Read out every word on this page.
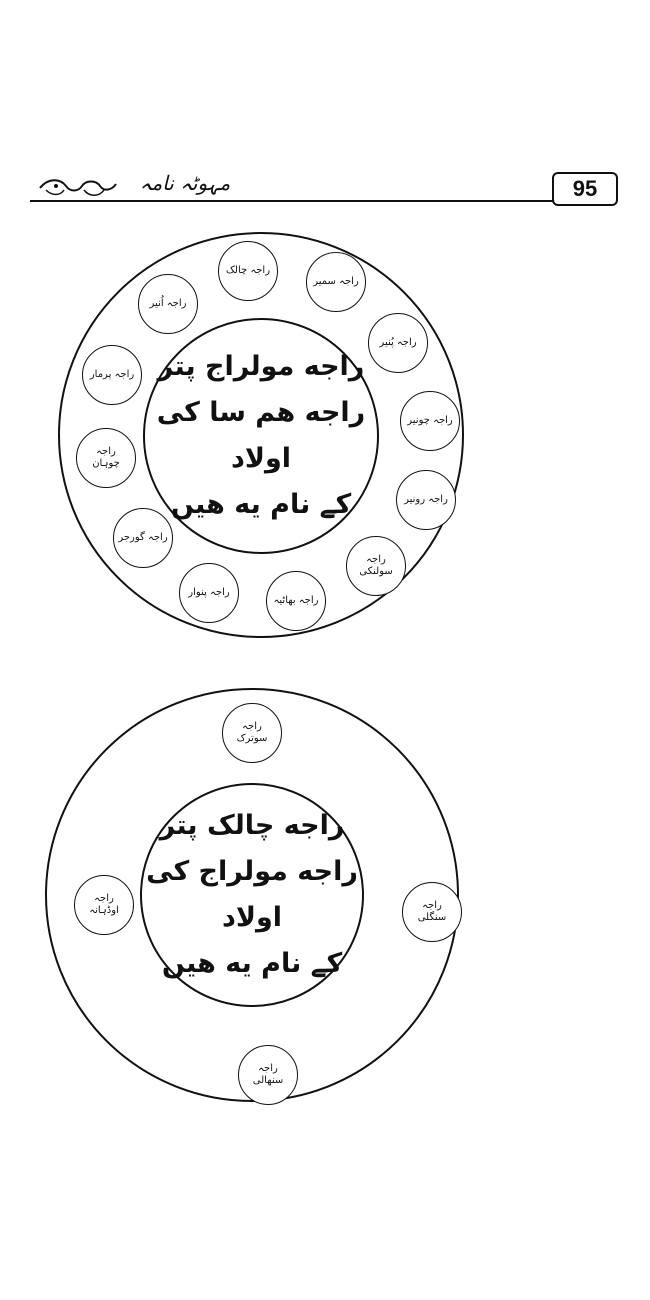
95
مہوٹہ نامہ
راجه مولراج پتر
راجه هم سا کی اولاد
کے نام یه هیں
راجہ چالک
راجہ سمیر
راجہ پُنیر
راجہ چونیر
راجہ رونیر
راجہ سولنکی
راجہ بھاٹیہ
راجہ پنوار
راجہ گورجر
راجہ چوہان
راجہ پرمار
راجہ اُنیر
راجه چالک پتر
راجه مولراج کی اولاد
کے نام یه هیں
راجہ سوترک
راجہ سنگلی
راجہ سنھالی
راجہ اوڈہانہ
